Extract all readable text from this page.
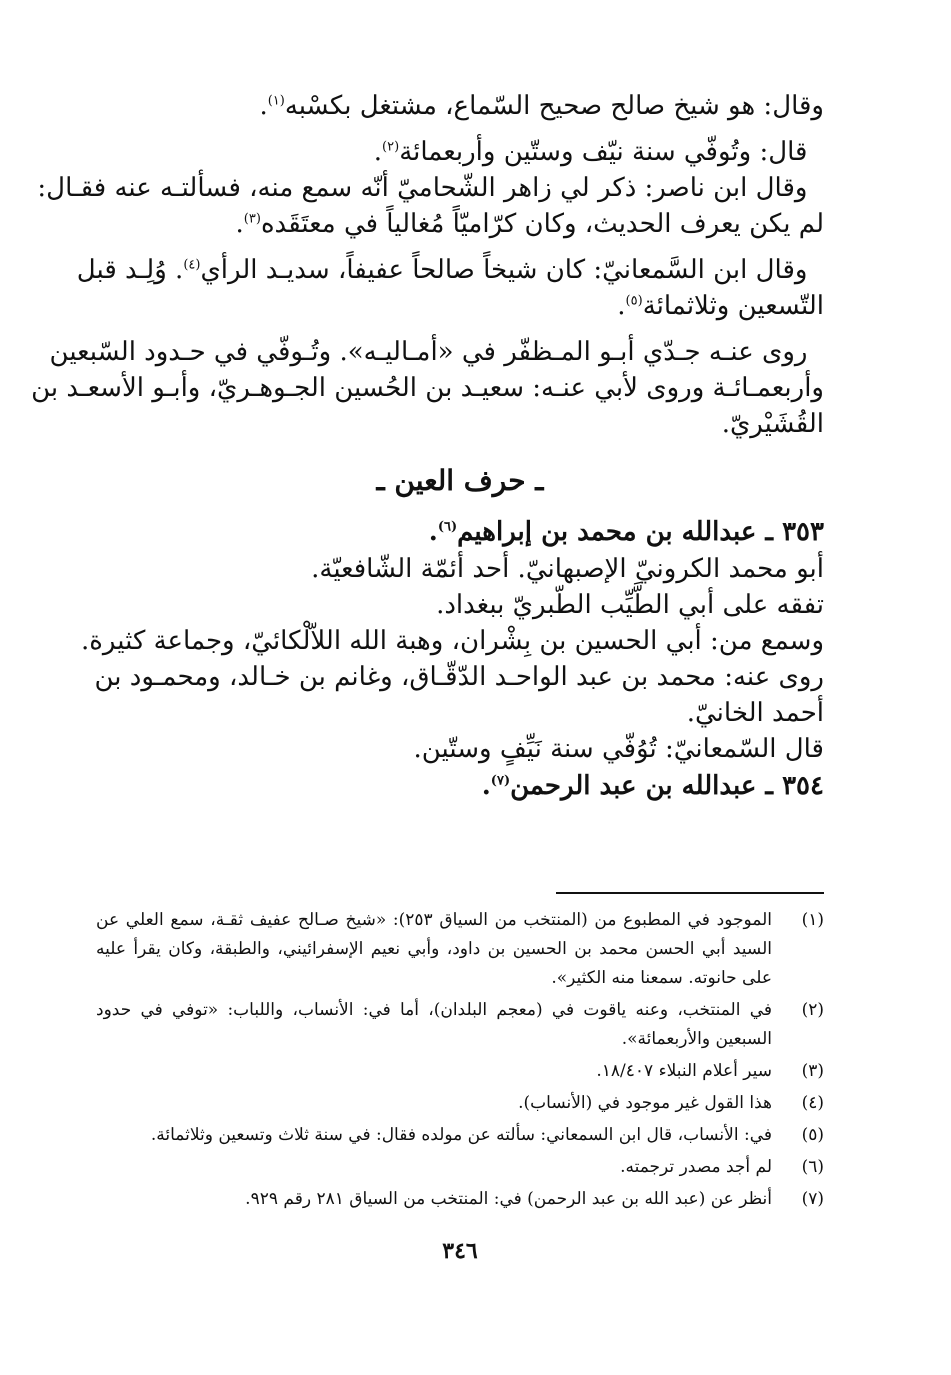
وقال: هو شيخ صالح صحيح السّماع، مشتغل بكسْبه$^{(١)}$.

قال: وتُوفّي سنة نيّف وستّين وأربعمائة$^{(٢)}$.

وقال ابن ناصر: ذكر لي زاهر الشّحاميّ أنّه سمع منه، فسألتـه عنه فقـال:

لم يكن يعرف الحديث، وكان كرّاميّاً مُغالياً في معتَقَده$^{(٣)}$.

وقال ابن السَّمعانيّ: كان شيخاً صالحاً عفيفاً، سديـد الرأي$^{(٤)}$. وُلِـد قبل

التّسعين وثلاثمائة$^{(٥)}$.

روى عنـه جـدّي أبـو المـظفّر في «أمـاليـه». وتُـوفّي في حـدود السّبعين

وأربعمـائـة وروى لأبي عنـه: سعيـد بن الحُسين الجـوهـريّ، وأبـو الأسعـد بن

القُشَيْريّ.

ـ حرف العين ـ

٣٥٣ ـ عبدالله بن محمد بن إبراهيم$^{(٦)}$.

أبو محمد الكرونيّ الإصبهانيّ. أحد أئمّة الشّافعيّة.

تفقه على أبي الطَّيِّب الطّبريّ ببغداد.

وسمع من: أبي الحسين بن بِشْران، وهبة الله اللاّلْكائيّ، وجماعة كثيرة.

روى عنه: محمد بن عبد الواحـد الدّقّـاق، وغانم بن خـالد، ومحمـود بن

أحمد الخانيّ.

قال السّمعانيّ: تُوُفّي سنة نَيِّفٍ وستّين.

٣٥٤ ـ عبدالله بن عبد الرحمن$^{(٧)}$.

(١)
الموجود في المطبوع من (المنتخب من السياق ٢٥٣): «شيخ صـالح عفيف ثقـة، سمع العلي عن السيد أبي الحسن محمد بن الحسين بن داود، وأبي نعيم الإسفرائيني، والطبقة، وكان يقرأ عليه على حانوته. سمعنا منه الكثير».
(٢)
في المنتخب، وعنه ياقوت في (معجم البلدان)، أما في: الأنساب، واللباب: «توفي في حدود السبعين والأربعمائة».
(٣)
سير أعلام النبلاء ١٨/٤٠٧.
(٤)
هذا القول غير موجود في (الأنساب).
(٥)
في: الأنساب، قال ابن السمعاني: سألته عن مولده فقال: في سنة ثلاث وتسعين وثلاثمائة.
(٦)
لم أجد مصدر ترجمته.
(٧)
أنظر عن (عبد الله بن عبد الرحمن) في: المنتخب من السياق ٢٨١ رقم ٩٢٩.
٣٤٦
